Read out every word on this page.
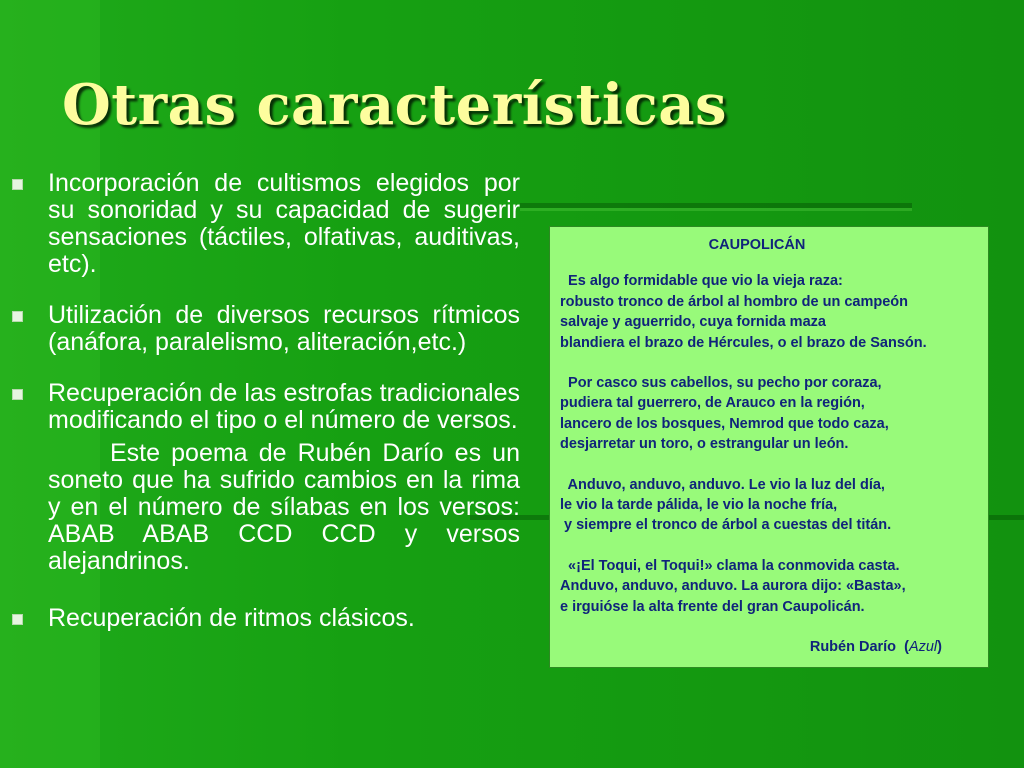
Otras características
Incorporación de cultismos elegidos por su sonoridad y su capacidad de sugerir sensaciones (táctiles, olfativas, auditivas, etc).
Utilización de diversos recursos rítmicos (anáfora, paralelismo, aliteración,etc.)
Recuperación de las estrofas tradicionales modificando el tipo o el número de versos.
Este poema de Rubén Darío es un soneto que ha sufrido cambios en la rima y en el número de sílabas en los versos: ABAB ABAB CCD CCD y versos alejandrinos.
Recuperación de ritmos clásicos.
CAUPOLICÁN
Es algo formidable que vio la vieja raza:
robusto tronco de árbol al hombro de un campeón
salvaje y aguerrido, cuya fornida maza
blandiera el brazo de Hércules, o el brazo de Sansón.
Por casco sus cabellos, su pecho por coraza,
pudiera tal guerrero, de Arauco en la región,
lancero de los bosques, Nemrod que todo caza,
desjarretar un toro, o estrangular un león.
Anduvo, anduvo, anduvo. Le vio la luz del día,
le vio la tarde pálida, le vio la noche fría,
y siempre el tronco de árbol a cuestas del titán.
«¡El Toqui, el Toqui!» clama la conmovida casta.
Anduvo, anduvo, anduvo. La aurora dijo: «Basta»,
e irguióse la alta frente del gran Caupolicán.
Rubén Darío  (Azul)
